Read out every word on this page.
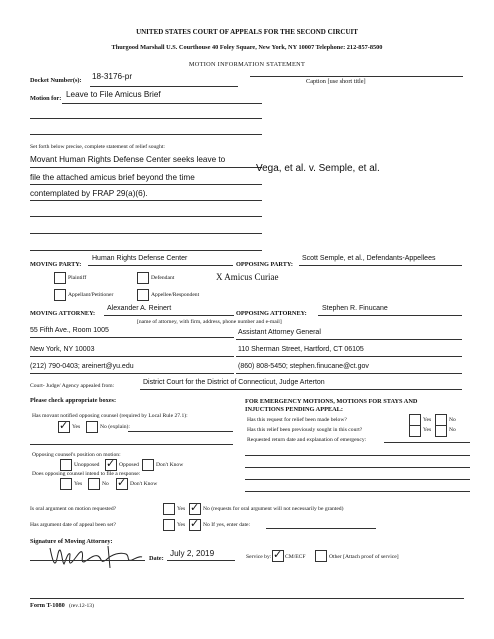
UNITED STATES COURT OF APPEALS FOR THE SECOND CIRCUIT
Thurgood Marshall U.S. Courthouse 40 Foley Square, New York, NY 10007 Telephone: 212-857-8500
MOTION INFORMATION STATEMENT
Docket Number(s): 18-3176-pr
Caption [use short title]
Motion for: Leave to File Amicus Brief
Set forth below precise, complete statement of relief sought:
Movant Human Rights Defense Center seeks leave to
file the attached amicus brief beyond the time
contemplated by FRAP 29(a)(6).
Vega, et al. v. Semple, et al.
MOVING PARTY:
Human Rights Defense Center
OPPOSING PARTY:
Scott Semple, et al., Defendants-Appellees
Plaintiff	Defendant	X Amicus Curiae
Appellant/Petitioner	Appellee/Respondent
MOVING ATTORNEY:
Alexander A. Reinert
OPPOSING ATTORNEY:
Stephen R. Finucane
[name of attorney, with firm, address, phone number and e-mail]
55 Fifth Ave., Room 1005	Assistant Attorney General
New York, NY 10003	110 Sherman Street, Hartford, CT 06105
(212) 790-0403; areinert@yu.edu	(860) 808-5450; stephen.finucane@ct.gov
Court- Judge/ Agency appealed from:	District Court for the District of Connecticut, Judge Arterton
Please check appropriate boxes:
Has movant notified opposing counsel (required by Local Rule 27.1):
✓ Yes	No (explain):
Opposing counsel's position on motion:
Unopposed ✓ Opposed	Don't Know
Does opposing counsel intend to file a response:
Yes	No ✓ Don't Know
FOR EMERGENCY MOTIONS, MOTIONS FOR STAYS AND
INJUCTIONS PENDING APPEAL:
Has this request for relief been made below?	Yes	No
Has this relief been previously sought in this court?	Yes	No
Requested return date and explanation of emergency:
Is oral argument on motion requested?	Yes ✓ No (requests for oral argument will not necessarily be granted)
Has argument date of appeal been set?	Yes ✓ No If yes, enter date:
Signature of Moving Attorney:
Date:
July 2, 2019	Service by: ✓ CM/ECF	Other [Attach proof of service]
Form T-1080 (rev.12-13)
